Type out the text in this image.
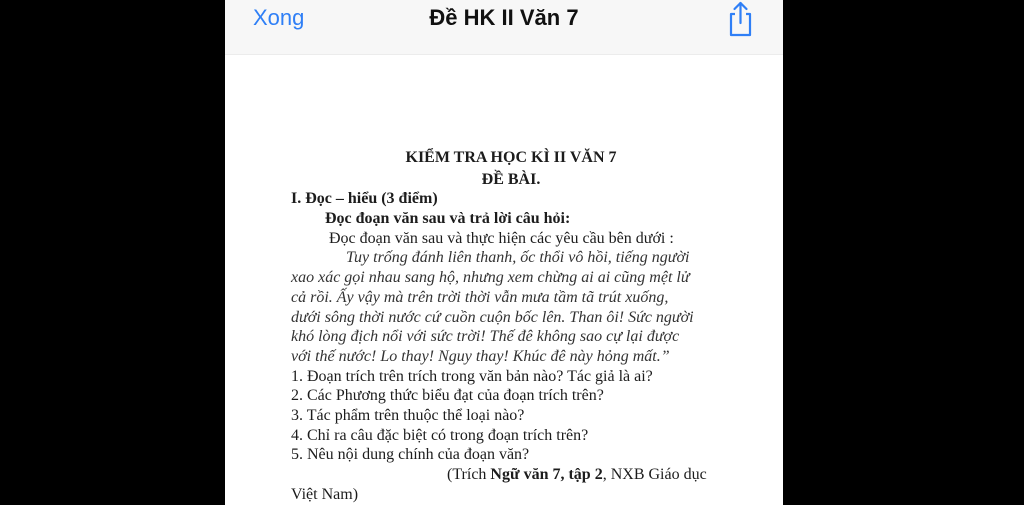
Xong	Đề HK II Văn 7
KIỂM TRA HỌC KÌ II VĂN 7
ĐỀ BÀI.
I. Đọc – hiểu (3 điểm)
Đọc đoạn văn sau và trả lời câu hỏi:
Đọc đoạn văn sau và thực hiện các yêu cầu bên dưới :
Tuy trống đánh liên thanh, ốc thổi vô hồi, tiếng người
xao xác gọi nhau sang hộ, nhưng xem chừng ai ai cũng mệt lử
cả rồi. Ấy vậy mà trên trời thời vẫn mưa tầm tã trút xuống,
dưới sông thời nước cứ cuồn cuộn bốc lên. Than ôi! Sức người
khó lòng địch nổi với sức trời! Thế đê không sao cự lại được
với thế nước! Lo thay! Nguy thay! Khúc đê này hỏng mất.”
1. Đoạn trích trên trích trong văn bản nào? Tác giả là ai?
2. Các Phương thức biểu đạt của đoạn trích trên?
3. Tác phẩm trên thuộc thể loại nào?
4. Chỉ ra câu đặc biệt có trong đoạn trích trên?
5. Nêu nội dung chính của đoạn văn?
(Trích Ngữ văn 7, tập 2, NXB Giáo dục
Việt Nam)
